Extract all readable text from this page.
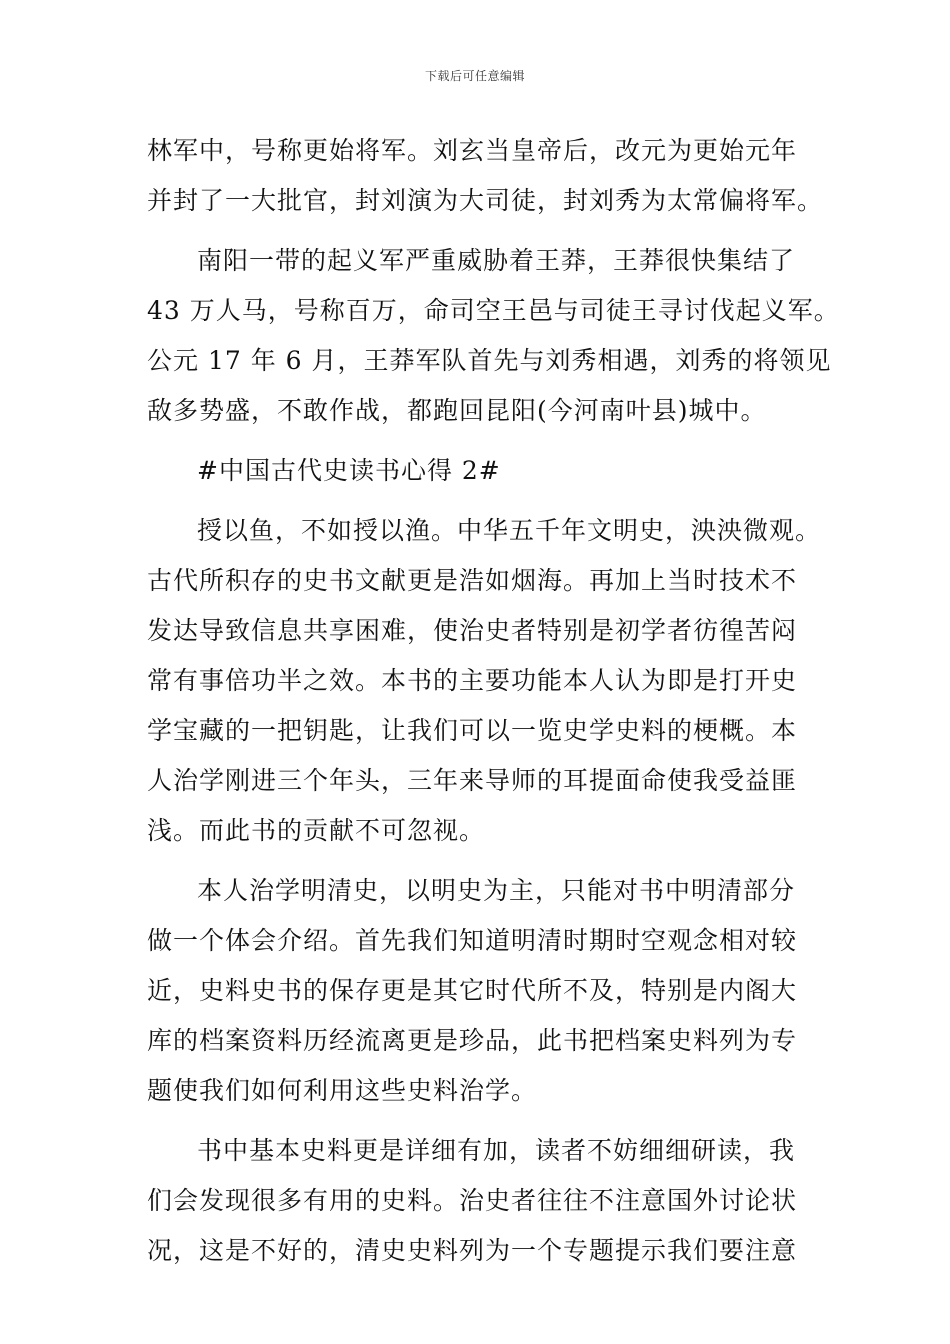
下载后可任意编辑
林军中，号称更始将军。刘玄当皇帝后，改元为更始元年
并封了一大批官，封刘演为大司徒，封刘秀为太常偏将军。
南阳一带的起义军严重威胁着王莽，王莽很快集结了
43 万人马，号称百万，命司空王邑与司徒王寻讨伐起义军。
公元 17 年 6 月，王莽军队首先与刘秀相遇，刘秀的将领见
敌多势盛，不敢作战，都跑回昆阳(今河南叶县)城中。
#中国古代史读书心得 2#
授以鱼，不如授以渔。中华五千年文明史，泱泱微观。
古代所积存的史书文献更是浩如烟海。再加上当时技术不
发达导致信息共享困难，使治史者特别是初学者彷徨苦闷
常有事倍功半之效。本书的主要功能本人认为即是打开史
学宝藏的一把钥匙，让我们可以一览史学史料的梗概。本
人治学刚进三个年头，三年来导师的耳提面命使我受益匪
浅。而此书的贡献不可忽视。
本人治学明清史，以明史为主，只能对书中明清部分
做一个体会介绍。首先我们知道明清时期时空观念相对较
近，史料史书的保存更是其它时代所不及，特别是内阁大
库的档案资料历经流离更是珍品，此书把档案史料列为专
题使我们如何利用这些史料治学。
书中基本史料更是详细有加，读者不妨细细研读，我
们会发现很多有用的史料。治史者往往不注意国外讨论状
况，这是不好的，清史史料列为一个专题提示我们要注意
